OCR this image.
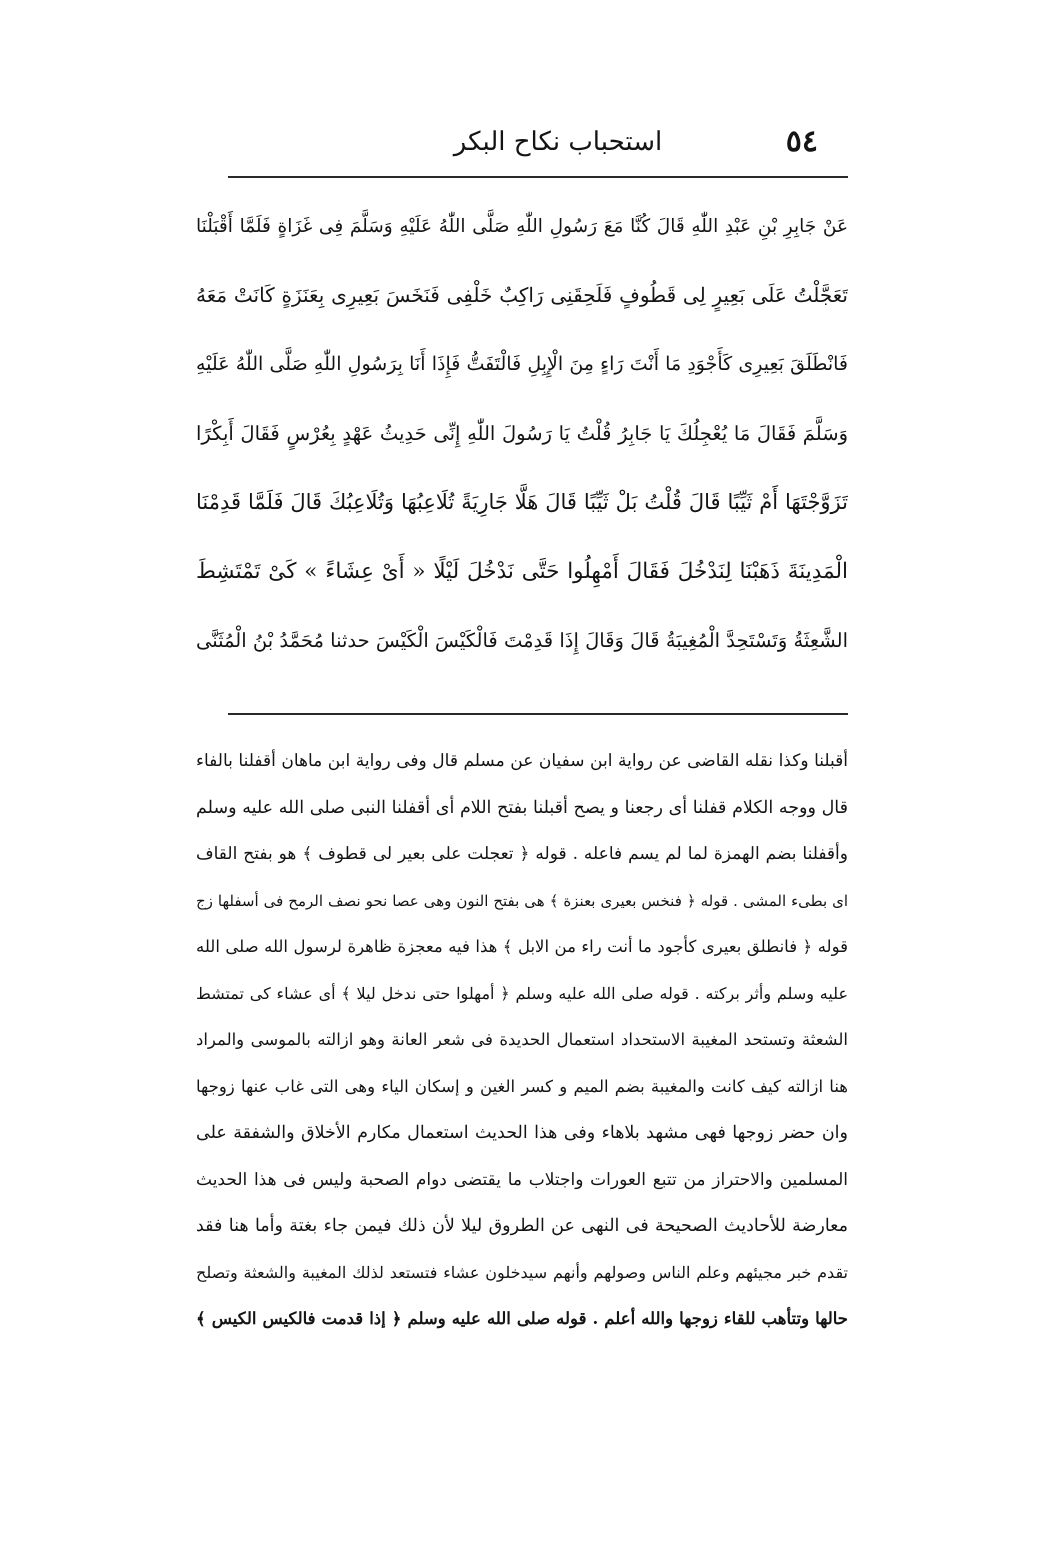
٥٤
استحباب نكاح البكر
عَنْ جَابِرِ بْنِ عَبْدِ اللّٰهِ قَالَ كُنَّا مَعَ رَسُولِ اللّٰهِ صَلَّى اللّٰهُ عَلَيْهِ وَسَلَّمَ فِى غَزَاةٍ فَلَمَّا أَقْبَلْنَا
تَعَجَّلْتُ عَلَى بَعِيرٍ لِى قَطُوفٍ فَلَحِقَنِى رَاكِبٌ خَلْفِى فَنَخَسَ بَعِيرِى بِعَنَزَةٍ كَانَتْ مَعَهُ
فَانْطَلَقَ بَعِيرِى كَأَجْوَدِ مَا أَنْتَ رَاءٍ مِنَ الْإِبِلِ فَالْتَفَتُّ فَإِذَا أَنَا بِرَسُولِ اللّٰهِ صَلَّى اللّٰهُ عَلَيْهِ
وَسَلَّمَ فَقَالَ مَا يُعْجِلُكَ يَا جَابِرُ قُلْتُ يَا رَسُولَ اللّٰهِ إِنِّى حَدِيثُ عَهْدٍ بِعُرْسٍ فَقَالَ أَبِكْرًا
تَزَوَّجْتَهَا أَمْ ثَيِّبًا قَالَ قُلْتُ بَلْ ثَيِّبًا قَالَ هَلَّا جَارِيَةً تُلَاعِبُهَا وَتُلَاعِبُكَ قَالَ فَلَمَّا قَدِمْنَا
الْمَدِينَةَ ذَهَبْنَا لِنَدْخُلَ فَقَالَ أَمْهِلُوا حَتَّى نَدْخُلَ لَيْلًا « أَىْ عِشَاءً » كَىْ تَمْتَشِطَ
الشَّعِثَةُ وَتَسْتَحِدَّ الْمُغِيبَةُ قَالَ وَقَالَ إِذَا قَدِمْتَ فَالْكَيْسَ الْكَيْسَ حدثنا مُحَمَّدُ بْنُ الْمُثَنَّى
أقبلنا وكذا نقله القاضى عن رواية ابن سفيان عن مسلم قال وفى رواية ابن ماهان أقفلنا بالفاء
قال ووجه الكلام قفلنا أى رجعنا و يصح أقبلنا بفتح اللام أى أقفلنا النبى صلى الله عليه وسلم
وأقفلنا بضم الهمزة لما لم يسم فاعله . قوله ﴿ تعجلت على بعير لى قطوف ﴾ هو بفتح القاف
اى بطىء المشى . قوله ﴿ فنخس بعيرى بعنزة ﴾ هى بفتح النون وهى عصا نحو نصف الرمح فى أسفلها زج
قوله ﴿ فانطلق بعيرى كأجود ما أنت راء من الابل ﴾ هذا فيه معجزة ظاهرة لرسول الله صلى الله
عليه وسلم وأثر بركته . قوله صلى الله عليه وسلم ﴿ أمهلوا حتى ندخل ليلا ﴾ أى عشاء كى تمتشط
الشعثة وتستحد المغيبة الاستحداد استعمال الحديدة فى شعر العانة وهو ازالته بالموسى والمراد
هنا ازالته كيف كانت والمغيبة بضم الميم و كسر الغين و إسكان الياء وهى التى غاب عنها زوجها
وان حضر زوجها فهى مشهد بلاهاء وفى هذا الحديث استعمال مكارم الأخلاق والشفقة على
المسلمين والاحتراز من تتبع العورات واجتلاب ما يقتضى دوام الصحبة وليس فى هذا الحديث
معارضة للأحاديث الصحيحة فى النهى عن الطروق ليلا لأن ذلك فيمن جاء بغتة وأما هنا فقد
تقدم خبر مجيئهم وعلم الناس وصولهم وأنهم سيدخلون عشاء فتستعد لذلك المغيبة والشعثة وتصلح
حالها وتتأهب للقاء زوجها والله أعلم . قوله صلى الله عليه وسلم ﴿ إذا قدمت فالكيس الكيس ﴾
